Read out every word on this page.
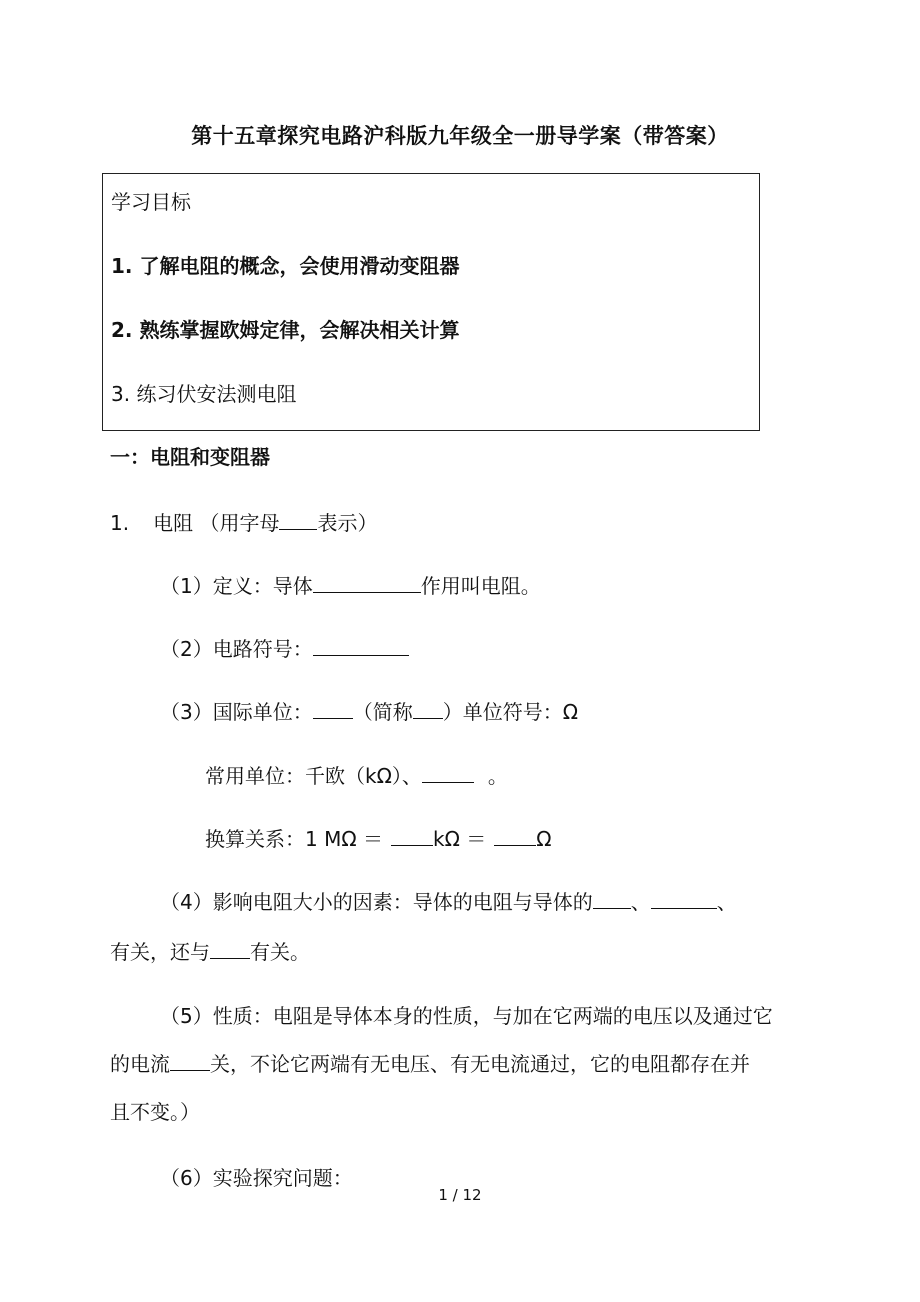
第十五章探究电路沪科版九年级全一册导学案（带答案）
学习目标
1. 了解电阻的概念，会使用滑动变阻器
2. 熟练掌握欧姆定律，会解决相关计算
3. 练习伏安法测电阻
一：电阻和变阻器
1. 电阻 （用字母 表示）
（1）定义：导体	作用叫电阻。
（2）电路符号：
（3）国际单位： （简称 ）单位符号：Ω
常用单位：千欧（kΩ）、	。
换算关系：1 MΩ ＝	kΩ ＝	Ω
（4）影响电阻大小的因素：导体的电阻与导体的 、	、
有关，还与 有关。
（5）性质：电阻是导体本身的性质，与加在它两端的电压以及通过它
的电流 关，不论它两端有无电压、有无电流通过，它的电阻都存在并
且不变。）
（6）实验探究问题：
1 / 12
